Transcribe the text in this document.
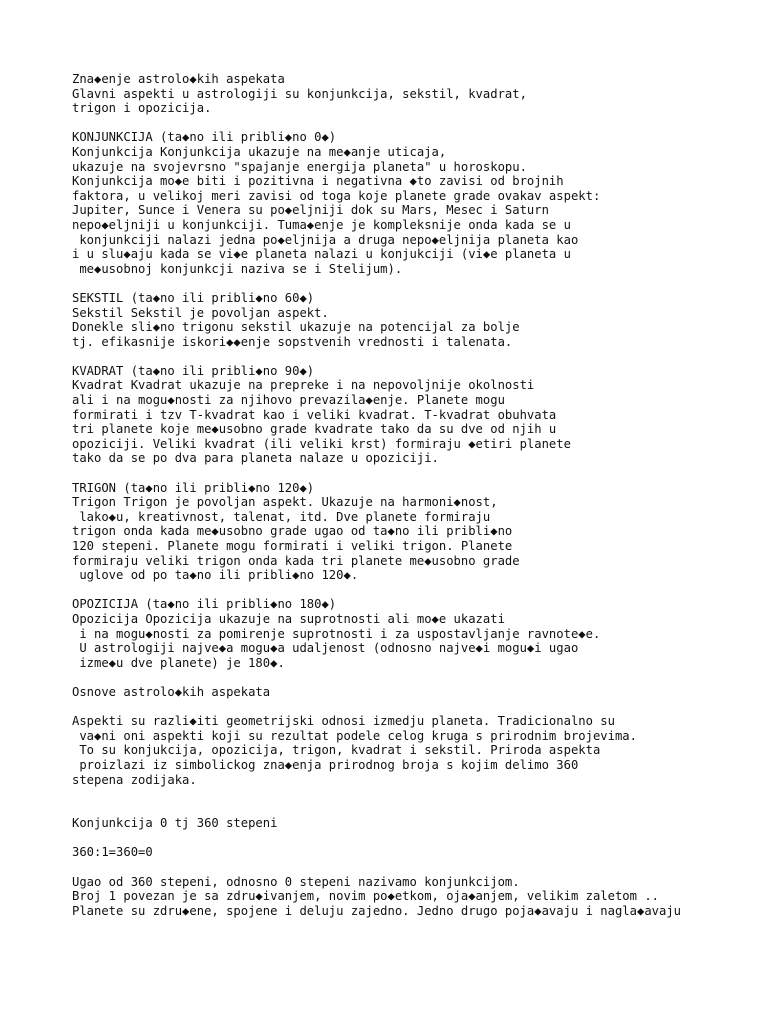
Zna◆enje astrolo◆kih aspekata
Glavni aspekti u astrologiji su konjunkcija, sekstil, kvadrat,
trigon i opozicija.
KONJUNKCIJA (ta◆no ili pribli◆no 0◆)
Konjunkcija Konjunkcija ukazuje na me◆anje uticaja,
ukazuje na svojevrsno "spajanje energija planeta" u horoskopu.
Konjunkcija mo◆e biti i pozitivna i negativna ◆to zavisi od brojnih
faktora, u velikoj meri zavisi od toga koje planete grade ovakav aspekt:
Jupiter, Sunce i Venera su po◆eljniji dok su Mars, Mesec i Saturn
nepo◆eljniji u konjunkciji. Tuma◆enje je kompleksnije onda kada se u
konjunkciji nalazi jedna po◆eljnija a druga nepo◆eljnija planeta kao
i u slu◆aju kada se vi◆e planeta nalazi u konjukciji (vi◆e planeta u
me◆usobnoj konjunkcji naziva se i Stelijum).
SEKSTIL (ta◆no ili pribli◆no 60◆)
Sekstil Sekstil je povoljan aspekt.
Donekle sli◆no trigonu sekstil ukazuje na potencijal za bolje
tj. efikasnije iskori◆◆enje sopstvenih vrednosti i talenata.
KVADRAT (ta◆no ili pribli◆no 90◆)
Kvadrat Kvadrat ukazuje na prepreke i na nepovoljnije okolnosti
ali i na mogu◆nosti za njihovo prevazila◆enje. Planete mogu
formirati i tzv T-kvadrat kao i veliki kvadrat. T-kvadrat obuhvata
tri planete koje me◆usobno grade kvadrate tako da su dve od njih u
opoziciji. Veliki kvadrat (ili veliki krst) formiraju ◆etiri planete
tako da se po dva para planeta nalaze u opoziciji.
TRIGON (ta◆no ili pribli◆no 120◆)
Trigon Trigon je povoljan aspekt. Ukazuje na harmoni◆nost,
lako◆u, kreativnost, talenat, itd. Dve planete formiraju
trigon onda kada me◆usobno grade ugao od ta◆no ili pribli◆no
120 stepeni. Planete mogu formirati i veliki trigon. Planete
formiraju veliki trigon onda kada tri planete me◆usobno grade
uglove od po ta◆no ili pribli◆no 120◆.
OPOZICIJA (ta◆no ili pribli◆no 180◆)
Opozicija Opozicija ukazuje na suprotnosti ali mo◆e ukazati
i na mogu◆nosti za pomirenje suprotnosti i za uspostavljanje ravnote◆e.
U astrologiji najve◆a mogu◆a udaljenost (odnosno najve◆i mogu◆i ugao
izme◆u dve planete) je 180◆.
Osnove astrolo◆kih aspekata
Aspekti su razli◆iti geometrijski odnosi izmedju planeta. Tradicionalno su
va◆ni oni aspekti koji su rezultat podele celog kruga s prirodnim brojevima.
To su konjukcija, opozicija, trigon, kvadrat i sekstil. Priroda aspekta
proizlazi iz simbolickog zna◆enja prirodnog broja s kojim delimo 360
stepena zodijaka.
Konjunkcija 0 tj 360 stepeni
360:1=360=0
Ugao od 360 stepeni, odnosno 0 stepeni nazivamo konjunkcijom.
Broj 1 povezan je sa zdru◆ivanjem, novim po◆etkom, oja◆anjem, velikim zaletom ..
Planete su zdru◆ene, spojene i deluju zajedno. Jedno drugo poja◆avaju i nagla◆avaju
